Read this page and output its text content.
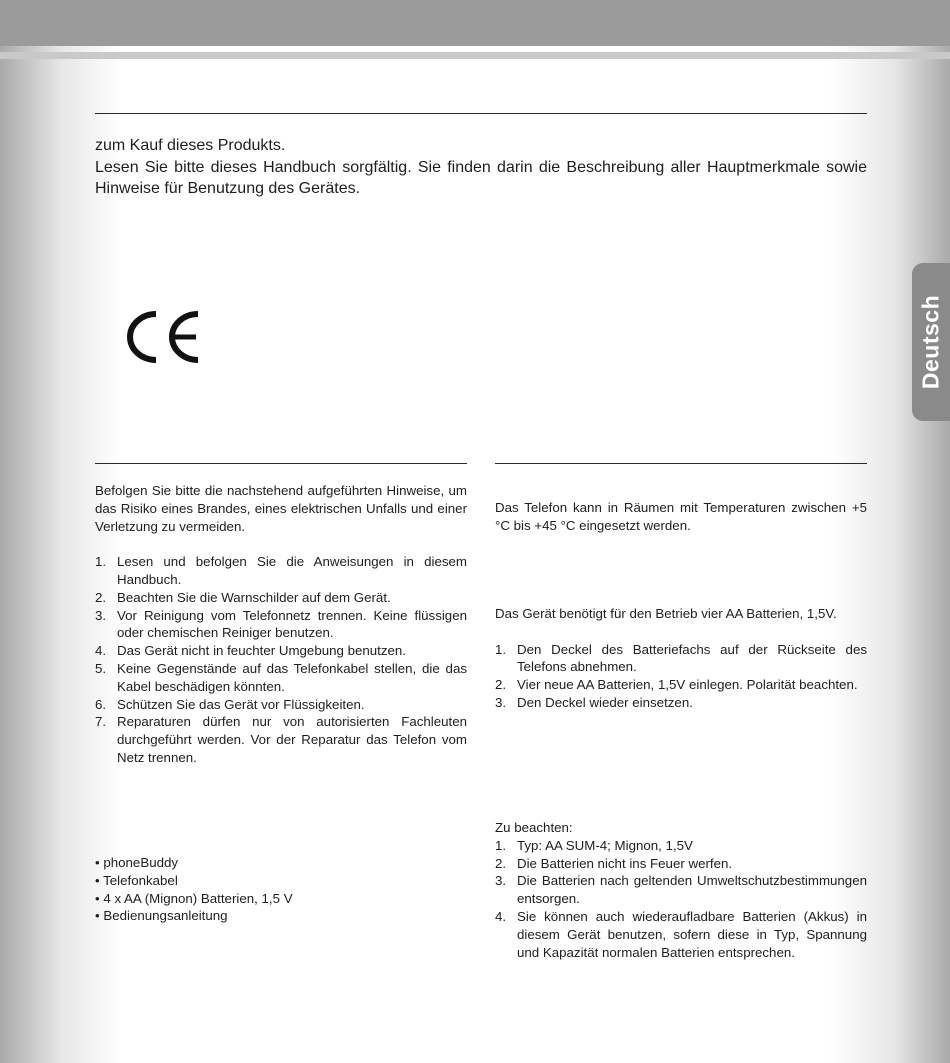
zum Kauf dieses Produkts.

Lesen Sie bitte dieses Handbuch sorgfältig. Sie finden darin die Beschreibung aller Hauptmerkmale sowie Hinweise für Benutzung des Gerätes.

Deutsch

Befolgen Sie bitte die nachstehend aufgeführten Hinweise, um das Risiko eines Brandes, eines elektrischen Unfalls und einer Verletzung zu vermeiden.

1. Lesen und befolgen Sie die Anweisungen in diesem Handbuch.
2. Beachten Sie die Warnschilder auf dem Gerät.
3. Vor Reinigung vom Telefonnetz trennen. Keine flüssigen oder chemischen Reiniger benutzen.
4. Das Gerät nicht in feuchter Umgebung benutzen.
5. Keine Gegenstände auf das Telefonkabel stellen, die das Kabel beschädigen könnten.
6. Schützen Sie das Gerät vor Flüssigkeiten.
7. Reparaturen dürfen nur von autorisierten Fachleuten durchgeführt werden. Vor der Reparatur das Telefon vom Netz trennen.
• phoneBuddy
• Telefonkabel
• 4 x AA (Mignon) Batterien, 1,5 V
• Bedienungsanleitung

Das Telefon kann in Räumen mit Temperaturen zwischen +5 °C bis +45 °C eingesetzt werden.

Das Gerät benötigt für den Betrieb vier AA Batterien, 1,5V.

1. Den Deckel des Batteriefachs auf der Rückseite des Telefons abnehmen.
2. Vier neue AA Batterien, 1,5V einlegen. Polarität beachten.
3. Den Deckel wieder einsetzen.

Zu beachten:

1. Typ: AA SUM-4; Mignon, 1,5V
2. Die Batterien nicht ins Feuer werfen.
3. Die Batterien nach geltenden Umweltschutzbestimmungen entsorgen.
4. Sie können auch wiederaufladbare Batterien (Akkus) in diesem Gerät benutzen, sofern diese in Typ, Spannung und Kapazität normalen Batterien entsprechen.
